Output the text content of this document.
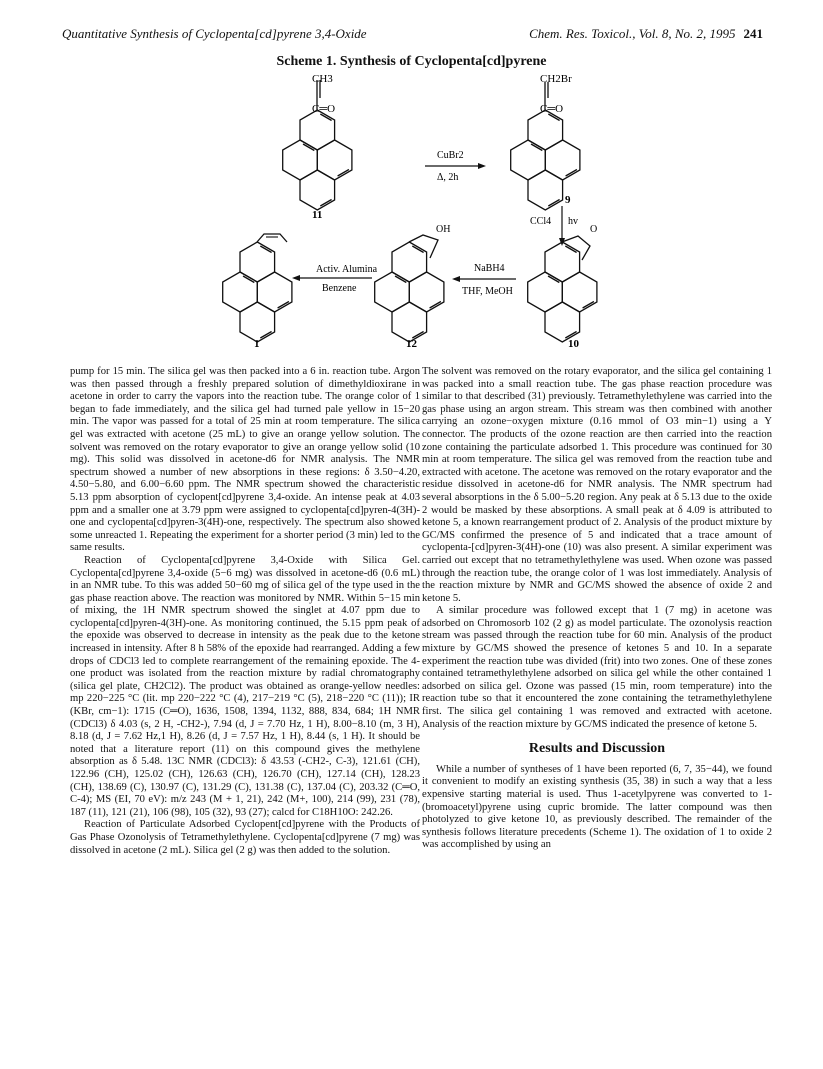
Quantitative Synthesis of Cyclopenta[cd]pyrene 3,4-Oxide	Chem. Res. Toxicol., Vol. 8, No. 2, 1995 241
Scheme 1. Synthesis of Cyclopenta[cd]pyrene
CH3
C═O
11
CuBr2
Δ, 2h
CH2Br
C═O
9
CCl4 hv
O
10
NaBH4
THF, MeOH
OH
12
Activ. Alumina
Benzene
1

pump for 15 min. The silica gel was then packed into a 6 in. reaction tube. Argon was then passed through a freshly prepared solution of dimethyldioxirane in acetone in order to carry the vapors into the reaction tube. The orange color of 1 began to fade immediately, and the silica gel had turned pale yellow in 15−20 min. The vapor was passed for a total of 25 min at room temperature. The silica gel was extracted with acetone (25 mL) to give an orange yellow solution. The solvent was removed on the rotary evaporator to give an orange yellow solid (10 mg). This solid was dissolved in acetone-d6 for NMR analysis. The NMR spectrum showed a number of new absorptions in these regions: δ 3.50−4.20, 4.50−5.80, and 6.00−6.60 ppm. The NMR spectrum showed the characteristic 5.13 ppm absorption of cyclopent[cd]pyrene 3,4-oxide. An intense peak at 4.03 ppm and a smaller one at 3.79 ppm were assigned to cyclopenta[cd]pyren-4(3H)-one and cyclopenta[cd]pyren-3(4H)-one, respectively. The spectrum also showed some unreacted 1. Repeating the experiment for a shorter period (3 min) led to the same results.

Reaction of Cyclopenta[cd]pyrene 3,4-Oxide with Silica Gel. Cyclopenta[cd]pyrene 3,4-oxide (5−6 mg) was dissolved in acetone-d6 (0.6 mL) in an NMR tube. To this was added 50−60 mg of silica gel of the type used in the gas phase reaction above. The reaction was monitored by NMR. Within 5−15 min of mixing, the 1H NMR spectrum showed the singlet at 4.07 ppm due to cyclopenta[cd]pyren-4(3H)-one. As monitoring continued, the 5.15 ppm peak of the epoxide was observed to decrease in intensity as the peak due to the ketone increased in intensity. After 8 h 58% of the epoxide had rearranged. Adding a few drops of CDCl3 led to complete rearrangement of the remaining epoxide. The 4-one product was isolated from the reaction mixture by radial chromatography (silica gel plate, CH2Cl2). The product was obtained as orange-yellow needles: mp 220−225 °C (lit. mp 220−222 °C (4), 217−219 °C (5), 218−220 °C (11)); IR (KBr, cm−1): 1715 (C═O), 1636, 1508, 1394, 1132, 888, 834, 684; 1H NMR (CDCl3) δ 4.03 (s, 2 H, -CH2-), 7.94 (d, J = 7.70 Hz, 1 H), 8.00−8.10 (m, 3 H), 8.18 (d, J = 7.62 Hz,1 H), 8.26 (d, J = 7.57 Hz, 1 H), 8.44 (s, 1 H). It should be noted that a literature report (11) on this compound gives the methylene absorption as δ 5.48. 13C NMR (CDCl3): δ 43.53 (-CH2-, C-3), 121.61 (CH), 122.96 (CH), 125.02 (CH), 126.63 (CH), 126.70 (CH), 127.14 (CH), 128.23 (CH), 138.69 (C), 130.97 (C), 131.29 (C), 131.38 (C), 137.04 (C), 203.32 (C═O, C-4); MS (EI, 70 eV): m/z 243 (M + 1, 21), 242 (M+, 100), 214 (99), 231 (78), 187 (11), 121 (21), 106 (98), 105 (32), 93 (27); calcd for C18H10O: 242.26.

Reaction of Particulate Adsorbed Cyclopent[cd]pyrene with the Products of Gas Phase Ozonolysis of Tetramethylethylene. Cyclopenta[cd]pyrene (7 mg) was dissolved in acetone (2 mL). Silica gel (2 g) was then added to the solution.

The solvent was removed on the rotary evaporator, and the silica gel containing 1 was packed into a small reaction tube. The gas phase reaction procedure was similar to that described (31) previously. Tetramethylethylene was carried into the gas phase using an argon stream. This stream was then combined with another carrying an ozone−oxygen mixture (0.16 mmol of O3 min−1) using a Y connector. The products of the ozone reaction are then carried into the reaction zone containing the particulate adsorbed 1. This procedure was continued for 30 min at room temperature. The silica gel was removed from the reaction tube and extracted with acetone. The acetone was removed on the rotary evaporator and the residue dissolved in acetone-d6 for NMR analysis. The NMR spectrum had several absorptions in the δ 5.00−5.20 region. Any peak at δ 5.13 due to the oxide 2 would be masked by these absorptions. A small peak at δ 4.09 is attributed to ketone 5, a known rearrangement product of 2. Analysis of the product mixture by GC/MS confirmed the presence of 5 and indicated that a trace amount of cyclopenta-[cd]pyren-3(4H)-one (10) was also present. A similar experiment was carried out except that no tetramethylethylene was used. When ozone was passed through the reaction tube, the orange color of 1 was lost immediately. Analysis of the reaction mixture by NMR and GC/MS showed the absence of oxide 2 and ketone 5.

A similar procedure was followed except that 1 (7 mg) in acetone was adsorbed on Chromosorb 102 (2 g) as model particulate. The ozonolysis reaction stream was passed through the reaction tube for 60 min. Analysis of the product mixture by GC/MS showed the presence of ketones 5 and 10. In a separate experiment the reaction tube was divided (frit) into two zones. One of these zones contained tetramethylethylene adsorbed on silica gel while the other contained 1 adsorbed on silica gel. Ozone was passed (15 min, room temperature) into the reaction tube so that it encountered the zone containing the tetramethylethylene first. The silica gel containing 1 was removed and extracted with acetone. Analysis of the reaction mixture by GC/MS indicated the presence of ketone 5.

Results and Discussion

While a number of syntheses of 1 have been reported (6, 7, 35−44), we found it convenient to modify an existing synthesis (35, 38) in such a way that a less expensive starting material is used. Thus 1-acetylpyrene was converted to 1-(bromoacetyl)pyrene using cupric bromide. The latter compound was then photolyzed to give ketone 10, as previously described. The remainder of the synthesis follows literature precedents (Scheme 1). The oxidation of 1 to oxide 2 was accomplished by using an
